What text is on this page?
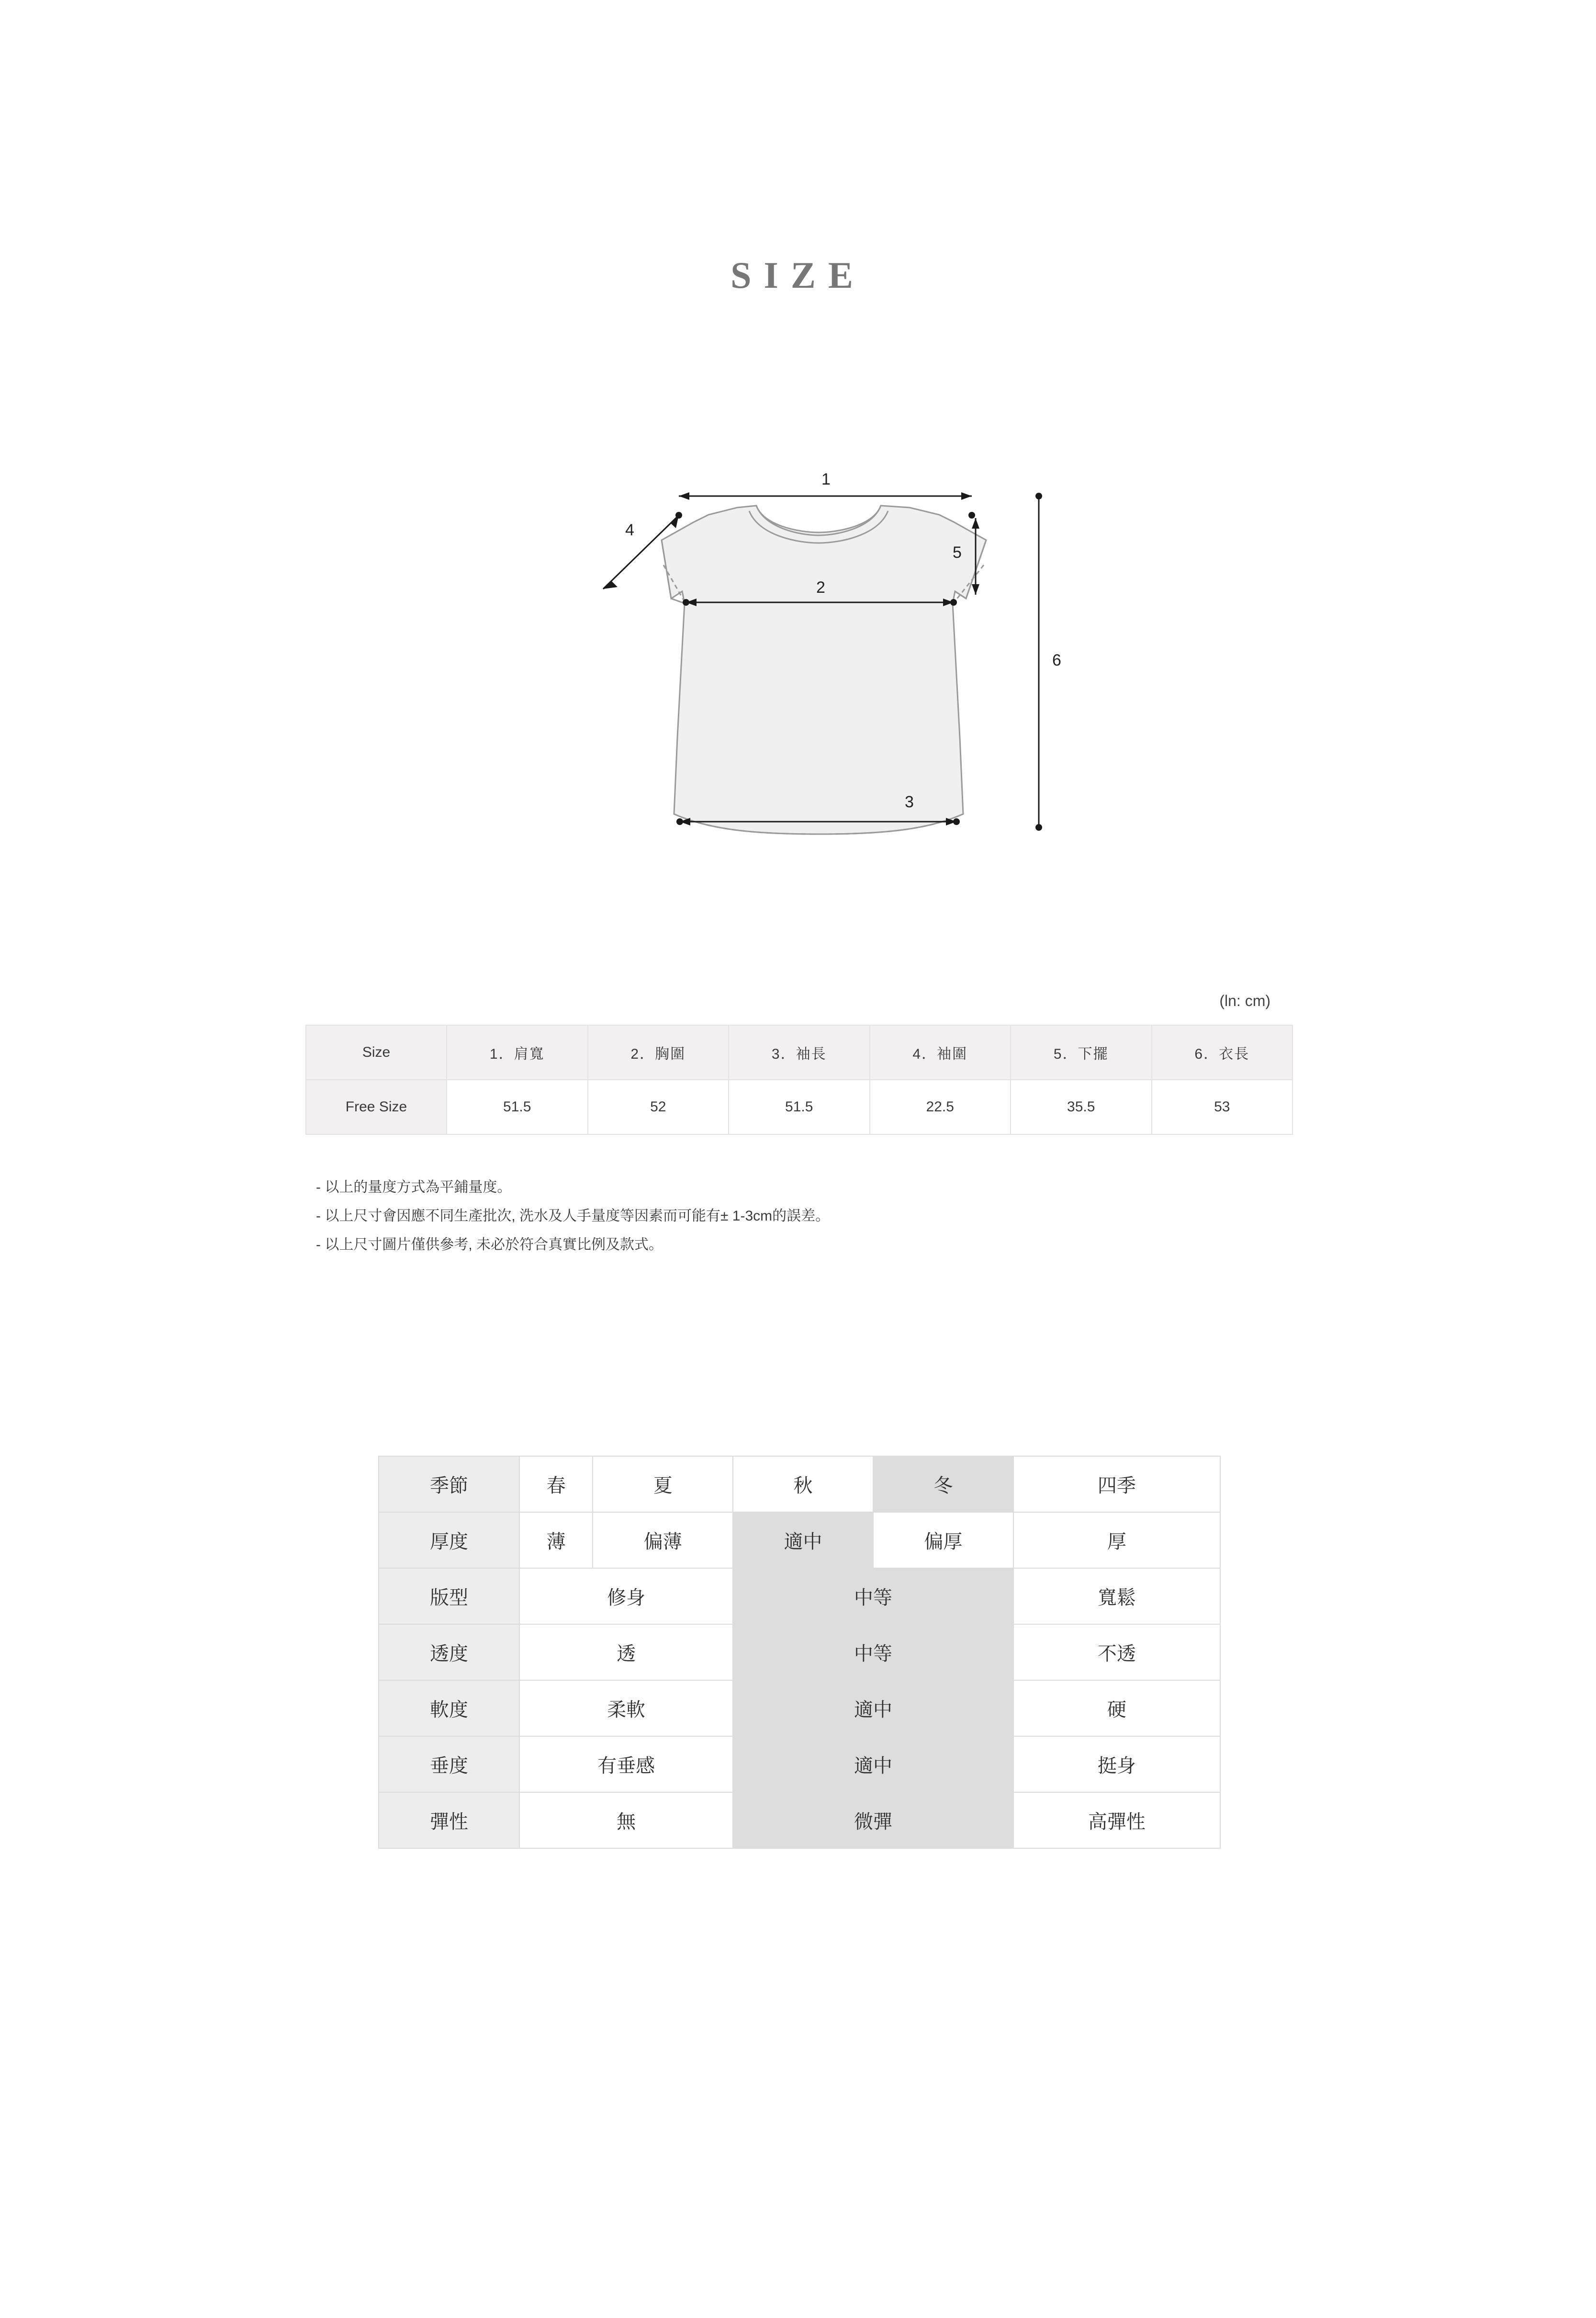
SIZE
1
2
3
4
5
6
(ln: cm)
Size	1．肩寬	2．胸圍	3．袖長	4．袖圍	5．下擺	6．衣長
Free Size	51.5	52	51.5	22.5	35.5	53
- 以上的量度方式為平鋪量度。
- 以上尺寸會因應不同生產批次, 洗水及人手量度等因素而可能有± 1-3cm的誤差。
- 以上尺寸圖片僅供參考, 未必於符合真實比例及款式。
季節	春	夏	秋	冬	四季
厚度	薄	偏薄	適中	偏厚	厚
版型	修身		中等		寬鬆
透度	透		中等		不透
軟度	柔軟		適中		硬
垂度	有垂感		適中		挺身
彈性	無		微彈		高彈性
